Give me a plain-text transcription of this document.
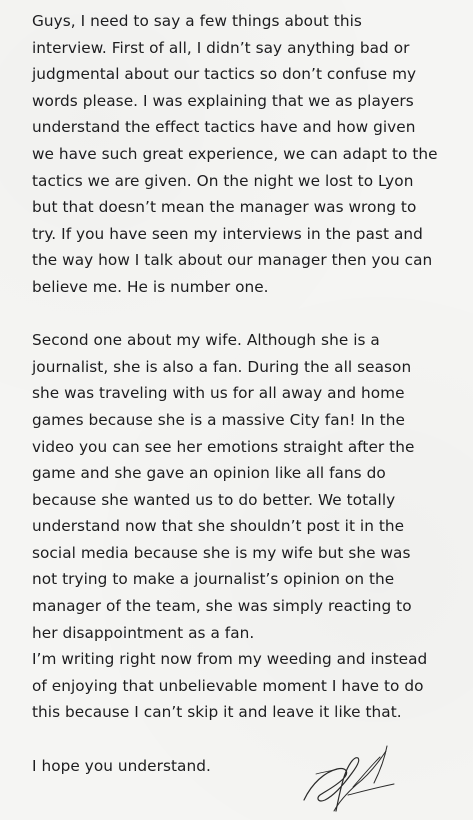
Guys, I need to say a few things about this
interview. First of all, I didn’t say anything bad or
judgmental about our tactics so don’t confuse my
words please. I was explaining that we as players
understand the effect tactics have and how given
we have such great experience, we can adapt to the
tactics we are given. On the night we lost to Lyon
but that doesn’t mean the manager was wrong to
try. If you have seen my interviews in the past and
the way how I talk about our manager then you can
believe me. He is number one.
Second one about my wife. Although she is a
journalist, she is also a fan. During the all season
she was traveling with us for all away and home
games because she is a massive City fan! In the
video you can see her emotions straight after the
game and she gave an opinion like all fans do
because she wanted us to do better. We totally
understand now that she shouldn’t post it in the
social media because she is my wife but she was
not trying to make a journalist’s opinion on the
manager of the team, she was simply reacting to
her disappointment as a fan.
I’m writing right now from my weeding and instead
of enjoying that unbelievable moment I have to do
this because I can’t skip it and leave it like that.
I hope you understand.
